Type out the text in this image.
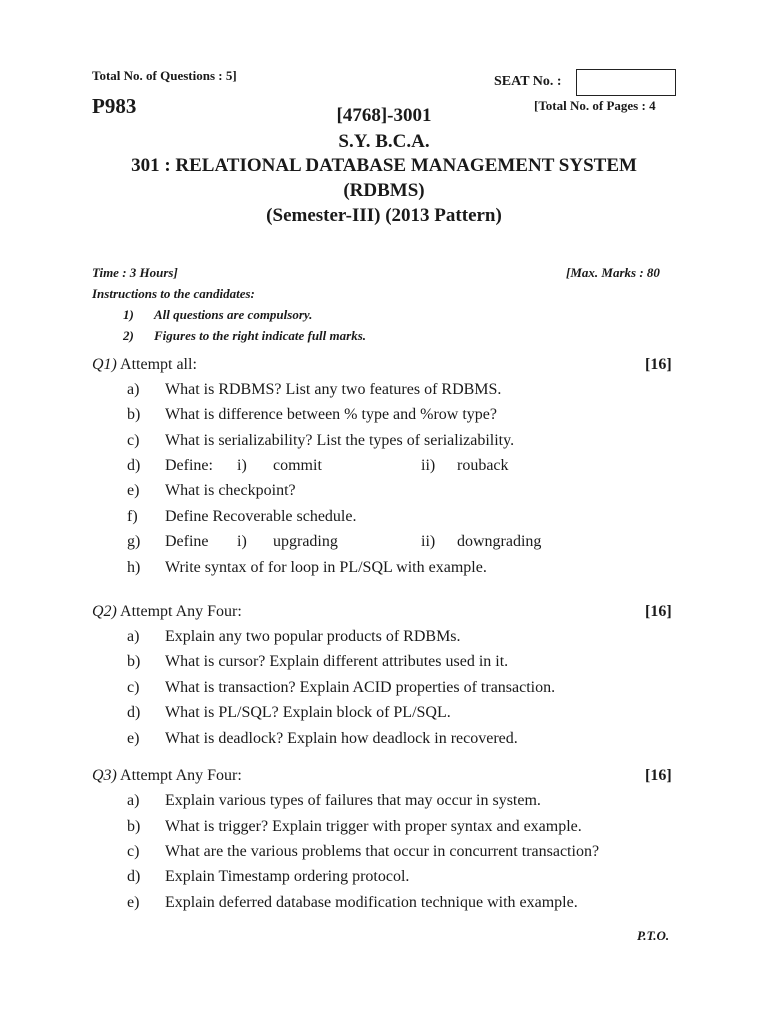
Total No. of Questions : 5]	SEAT No. :
[Total No. of Pages : 4
P983	[4768]-3001
S.Y. B.C.A.
301 : RELATIONAL DATABASE MANAGEMENT SYSTEM
(RDBMS)
(Semester-III) (2013 Pattern)
Time : 3 Hours]	[Max. Marks : 80
Instructions to the candidates:
1) All questions are compulsory.
2) Figures to the right indicate full marks.
Q1) Attempt all:	[16]
a) What is RDBMS? List any two features of RDBMS.
b) What is difference between % type and %row type?
c) What is serializability? List the types of serializability.
d) Define: i) commit	ii) rouback
e) What is checkpoint?
f) Define Recoverable schedule.
g) Define i) upgrading	ii) downgrading
h) Write syntax of for loop in PL/SQL with example.
Q2) Attempt Any Four:	[16]
a) Explain any two popular products of RDBMs.
b) What is cursor? Explain different attributes used in it.
c) What is transaction? Explain ACID properties of transaction.
d) What is PL/SQL? Explain block of PL/SQL.
e) What is deadlock? Explain how deadlock in recovered.
Q3) Attempt Any Four:	[16]
a) Explain various types of failures that may occur in system.
b) What is trigger? Explain trigger with proper syntax and example.
c) What are the various problems that occur in concurrent transaction?
d) Explain Timestamp ordering protocol.
e) Explain deferred database modification technique with example.
P.T.O.
